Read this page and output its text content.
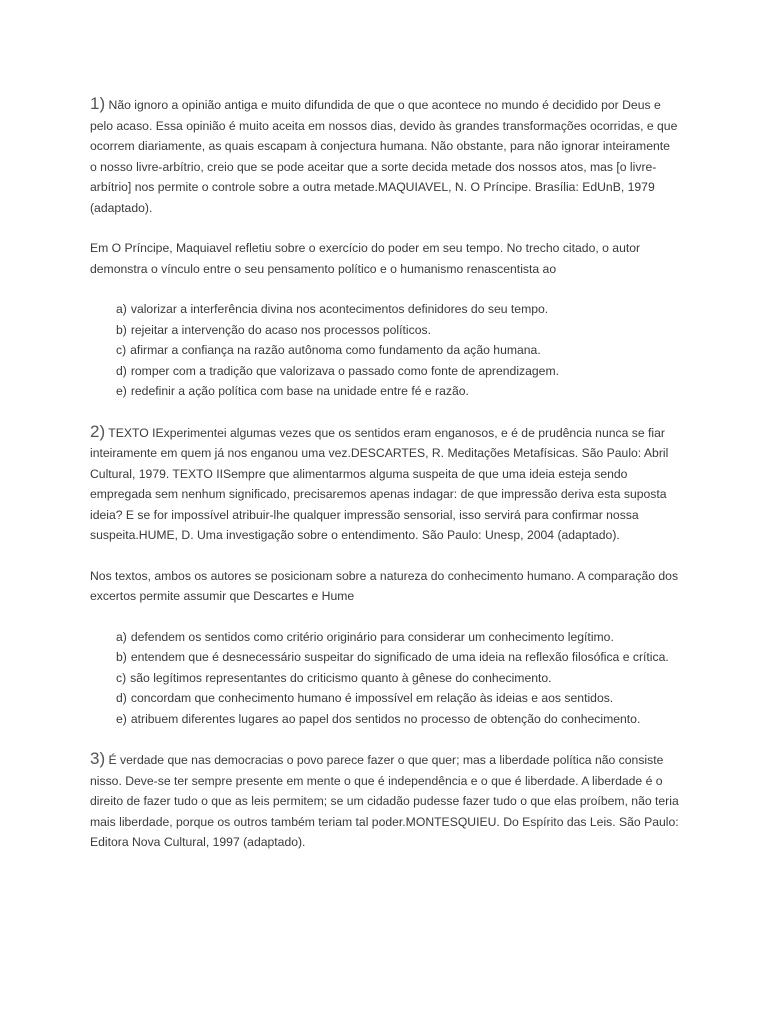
1) Não ignoro a opinião antiga e muito difundida de que o que acontece no mundo é decidido por Deus e pelo acaso. Essa opinião é muito aceita em nossos dias, devido às grandes transformações ocorridas, e que ocorrem diariamente, as quais escapam à conjectura humana. Não obstante, para não ignorar inteiramente o nosso livre-arbítrio, creio que se pode aceitar que a sorte decida metade dos nossos atos, mas [o livre-arbítrio] nos permite o controle sobre a outra metade.MAQUIAVEL, N. O Príncipe. Brasília: EdUnB, 1979 (adaptado).

Em O Príncipe, Maquiavel refletiu sobre o exercício do poder em seu tempo. No trecho citado, o autor demonstra o vínculo entre o seu pensamento político e o humanismo renascentista ao

a) valorizar a interferência divina nos acontecimentos definidores do seu tempo.

b) rejeitar a intervenção do acaso nos processos políticos.

c) afirmar a confiança na razão autônoma como fundamento da ação humana.

d) romper com a tradição que valorizava o passado como fonte de aprendizagem.

e) redefinir a ação política com base na unidade entre fé e razão.

2) TEXTO IExperimentei algumas vezes que os sentidos eram enganosos, e é de prudência nunca se fiar inteiramente em quem já nos enganou uma vez.DESCARTES, R. Meditações Metafísicas. São Paulo: Abril Cultural, 1979. TEXTO IISempre que alimentarmos alguma suspeita de que uma ideia esteja sendo empregada sem nenhum significado, precisaremos apenas indagar: de que impressão deriva esta suposta ideia? E se for impossível atribuir-lhe qualquer impressão sensorial, isso servirá para confirmar nossa suspeita.HUME, D. Uma investigação sobre o entendimento. São Paulo: Unesp, 2004 (adaptado).

Nos textos, ambos os autores se posicionam sobre a natureza do conhecimento humano. A comparação dos excertos permite assumir que Descartes e Hume

a) defendem os sentidos como critério originário para considerar um conhecimento legítimo.

b) entendem que é desnecessário suspeitar do significado de uma ideia na reflexão filosófica e crítica.

c) são legítimos representantes do criticismo quanto à gênese do conhecimento.

d) concordam que conhecimento humano é impossível em relação às ideias e aos sentidos.

e) atribuem diferentes lugares ao papel dos sentidos no processo de obtenção do conhecimento.

3) É verdade que nas democracias o povo parece fazer o que quer; mas a liberdade política não consiste nisso. Deve-se ter sempre presente em mente o que é independência e o que é liberdade. A liberdade é o direito de fazer tudo o que as leis permitem; se um cidadão pudesse fazer tudo o que elas proíbem, não teria mais liberdade, porque os outros também teriam tal poder.MONTESQUIEU. Do Espírito das Leis. São Paulo: Editora Nova Cultural, 1997 (adaptado).
